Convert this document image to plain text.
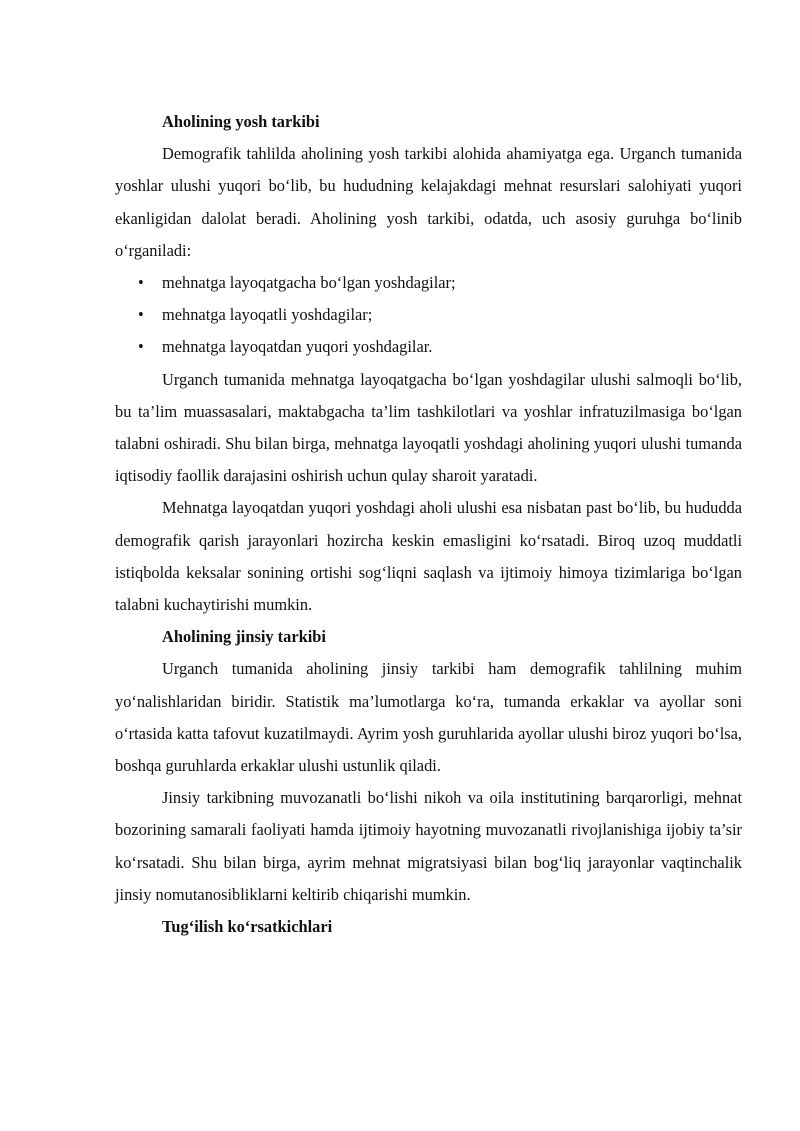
Aholining yosh tarkibi

Demografik tahlilda aholining yosh tarkibi alohida ahamiyatga ega. Urganch tumanida yoshlar ulushi yuqori bo‘lib, bu hududning kelajakdagi mehnat resurslari salohiyati yuqori ekanligidan dalolat beradi. Aholining yosh tarkibi, odatda, uch asosiy guruhga bo‘linib o‘rganiladi:

• mehnatga layoqatgacha bo‘lgan yoshdagilar;
• mehnatga layoqatli yoshdagilar;
• mehnatga layoqatdan yuqori yoshdagilar.

Urganch tumanida mehnatga layoqatgacha bo‘lgan yoshdagilar ulushi salmoqli bo‘lib, bu ta’lim muassasalari, maktabgacha ta’lim tashkilotlari va yoshlar infratuzilmasiga bo‘lgan talabni oshiradi. Shu bilan birga, mehnatga layoqatli yoshdagi aholining yuqori ulushi tumanda iqtisodiy faollik darajasini oshirish uchun qulay sharoit yaratadi.

Mehnatga layoqatdan yuqori yoshdagi aholi ulushi esa nisbatan past bo‘lib, bu hududda demografik qarish jarayonlari hozircha keskin emasligini ko‘rsatadi. Biroq uzoq muddatli istiqbolda keksalar sonining ortishi sog‘liqni saqlash va ijtimoiy himoya tizimlariga bo‘lgan talabni kuchaytirishi mumkin.

Aholining jinsiy tarkibi

Urganch tumanida aholining jinsiy tarkibi ham demografik tahlilning muhim yo‘nalishlaridan biridir. Statistik ma’lumotlarga ko‘ra, tumanda erkaklar va ayollar soni o‘rtasida katta tafovut kuzatilmaydi. Ayrim yosh guruhlarida ayollar ulushi biroz yuqori bo‘lsa, boshqa guruhlarda erkaklar ulushi ustunlik qiladi.

Jinsiy tarkibning muvozanatli bo‘lishi nikoh va oila institutining barqarorligi, mehnat bozorining samarali faoliyati hamda ijtimoiy hayotning muvozanatli rivojlanishiga ijobiy ta’sir ko‘rsatadi. Shu bilan birga, ayrim mehnat migratsiyasi bilan bog‘liq jarayonlar vaqtinchalik jinsiy nomutanosibliklarni keltirib chiqarishi mumkin.

Tug‘ilish ko‘rsatkichlari
